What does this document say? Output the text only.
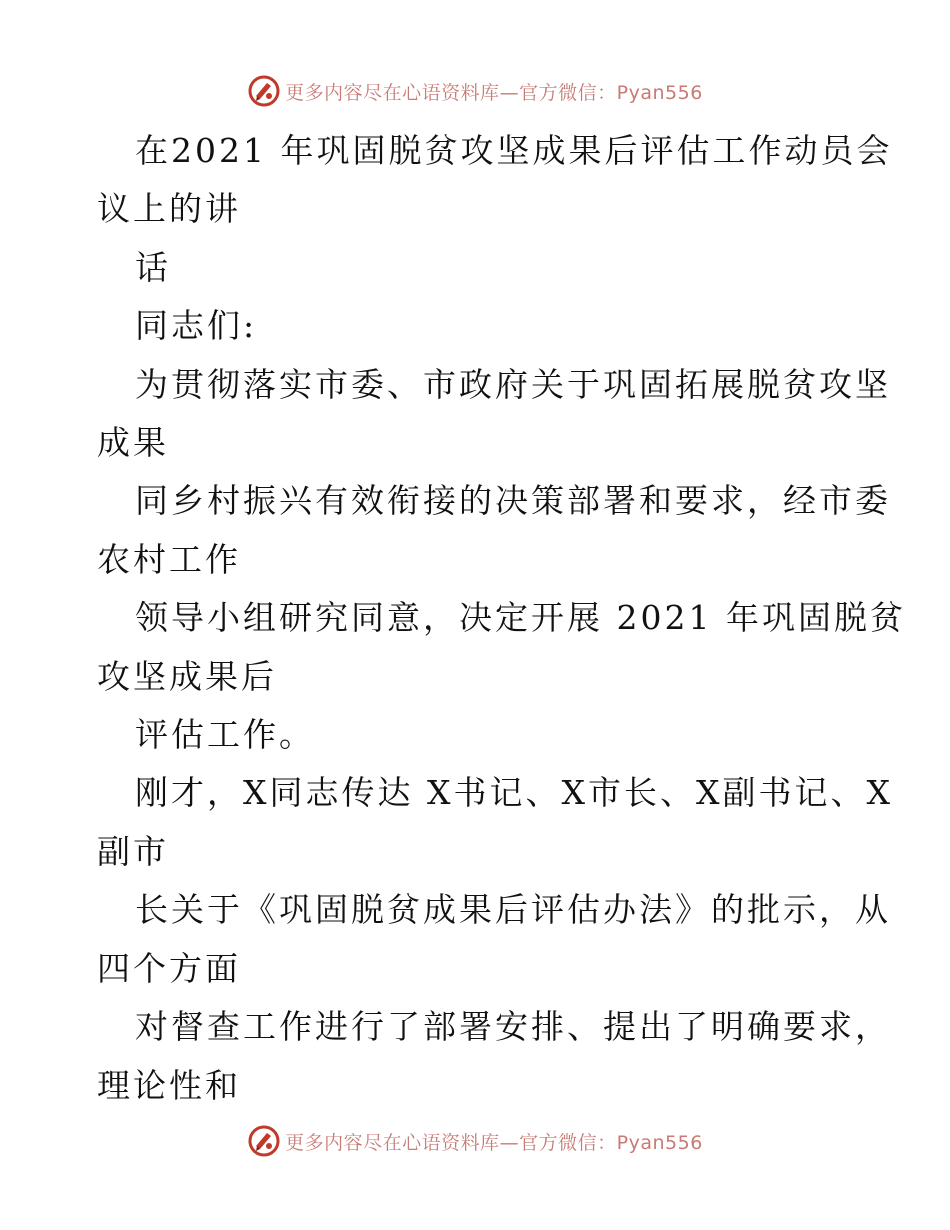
更多内容尽在心语资料库—官方微信：Pyan556

在2021 年巩固脱贫攻坚成果后评估工作动员会

议上的讲

话

同志们:

为贯彻落实市委、市政府关于巩固拓展脱贫攻坚

成果

同乡村振兴有效衔接的决策部署和要求，经市委

农村工作

领导小组研究同意，决定开展 2021 年巩固脱贫

攻坚成果后

评估工作。

刚才，X同志传达 X书记、X市长、X副书记、X

副市

长关于《巩固脱贫成果后评估办法》的批示，从

四个方面

对督查工作进行了部署安排、提出了明确要求，

理论性和

更多内容尽在心语资料库—官方微信：Pyan556
